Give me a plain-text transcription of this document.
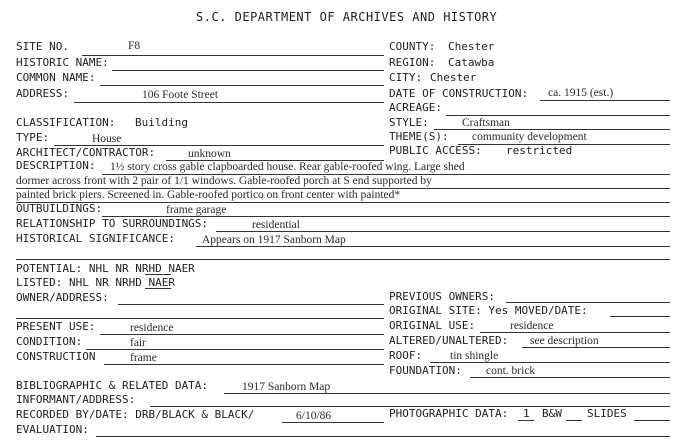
S.C. DEPARTMENT OF ARCHIVES AND HISTORY
SITE NO.	F8
HISTORIC NAME:
COMMON NAME:
ADDRESS:	106 Foote Street
COUNTY: Chester
REGION: Catawba
CITY: Chester
DATE OF CONSTRUCTION: ca. 1915 (est.)
ACREAGE:
CLASSIFICATION: Building
TYPE:	House
ARCHITECT/CONTRACTOR:	unknown
STYLE:	Craftsman
THEME(S): community development
PUBLIC ACCESS: restricted
DESCRIPTION: 1½ story cross gable clapboarded house. Rear gable-roofed wing. Large shed
dormer across front with 2 pair of 1/1 windows. Gable-roofed porch at S end supported by
painted brick piers. Screened in. Gable-roofed portico on front center with painted*
OUTBUILDINGS:	frame garage
RELATIONSHIP TO SURROUNDINGS:	residential
HISTORICAL SIGNIFICANCE: Appears on 1917 Sanborn Map
POTENTIAL: NHL NR NRHD NAER
LISTED: NHL NR NRHD NAER
OWNER/ADDRESS:	PREVIOUS OWNERS:
ORIGINAL SITE: Yes MOVED/DATE:
PRESENT USE:	residence
CONDITION:	fair
CONSTRUCTION	frame
ORIGINAL USE:	residence
ALTERED/UNALTERED: see description
ROOF: tin shingle
FOUNDATION: cont. brick
BIBLIOGRAPHIC & RELATED DATA:	1917 Sanborn Map
INFORMANT/ADDRESS:
RECORDED BY/DATE: DRB/BLACK & BLACK/	6/10/86	PHOTOGRAPHIC DATA: 1 B&W SLIDES
EVALUATION:
